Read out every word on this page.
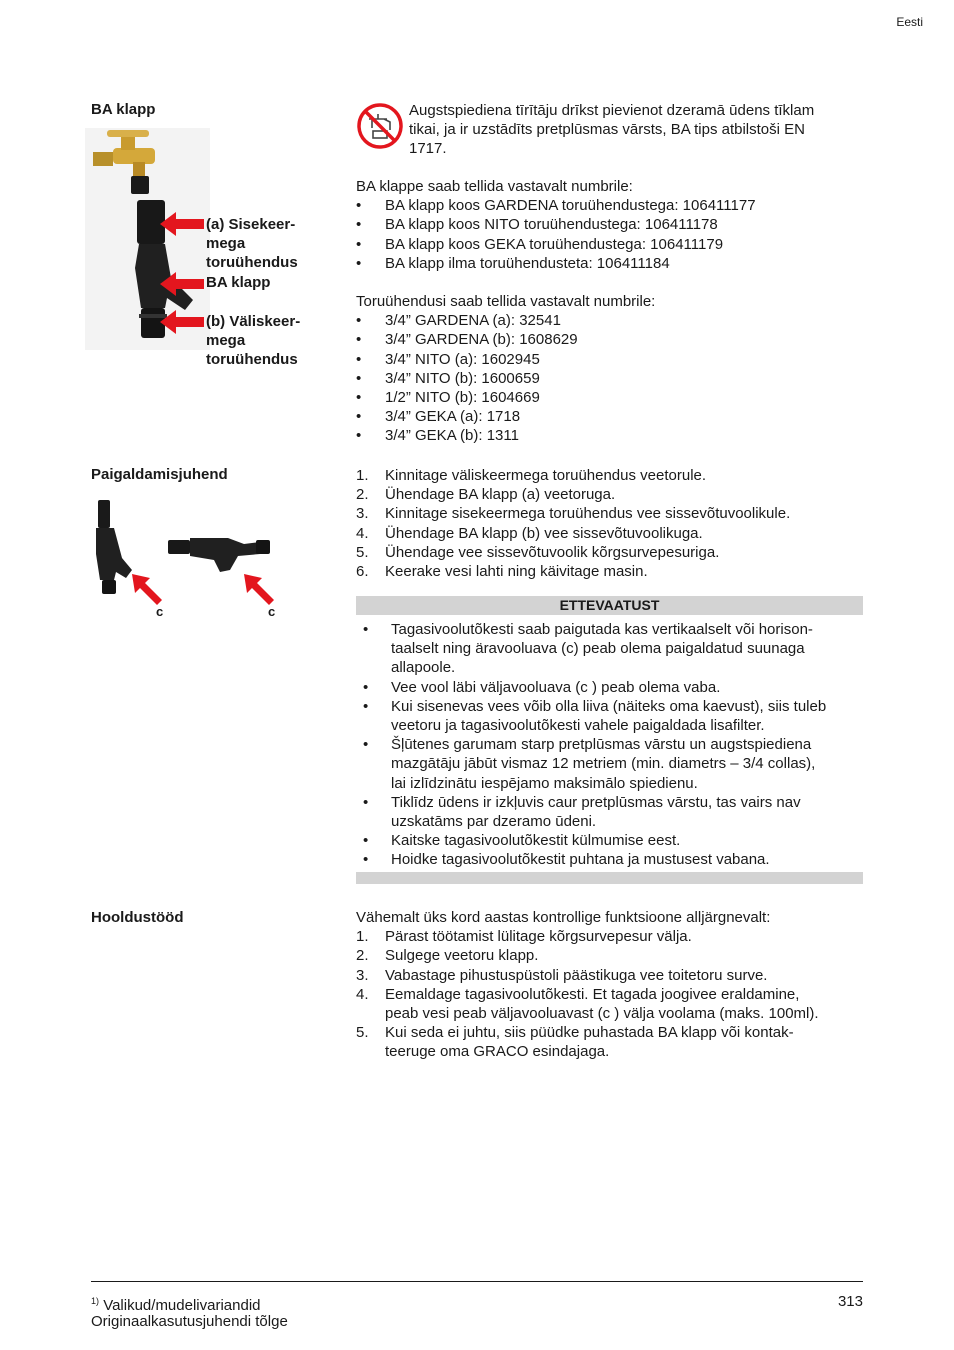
Eesti
BA klapp
(a) Sisekeer-
mega
toruühendus
BA klapp
(b) Väliskeer-
mega
toruühendus
Augstspiediena tīrītāju drīkst pievienot dzeramā ūdens tīklam
tikai, ja ir uzstādīts pretplūsmas vārsts, BA tips atbilstoši EN
1717.
BA klappe saab tellida vastavalt numbrile:
• BA klapp koos GARDENA toruühendustega: 106411177
• BA klapp koos NITO toruühendustega: 106411178
• BA klapp koos GEKA toruühendustega: 106411179
• BA klapp ilma toruühendusteta: 106411184
Toruühendusi saab tellida vastavalt numbrile:
• 3/4” GARDENA (a): 32541
• 3/4” GARDENA (b): 1608629
• 3/4” NITO (a): 1602945
• 3/4” NITO (b): 1600659
• 1/2” NITO (b): 1604669
• 3/4” GEKA (a): 1718
• 3/4” GEKA (b): 1311
Paigaldamisjuhend
c	c
1. Kinnitage väliskeermega toruühendus veetorule.
2. Ühendage BA klapp (a) veetoruga.
3. Kinnitage sisekeermega toruühendus vee sissevõtuvoolikule.
4. Ühendage BA klapp (b) vee sissevõtuvoolikuga.
5. Ühendage vee sissevõtuvoolik kõrgsurvepesuriga.
6. Keerake vesi lahti ning käivitage masin.
ETTEVAATUST
• Tagasivoolutõkesti saab paigutada kas vertikaalselt või horison-
taalselt ning äravooluava (c) peab olema paigaldatud suunaga
allapoole.
• Vee vool läbi väljavooluava (c ) peab olema vaba.
• Kui sisenevas vees võib olla liiva (näiteks oma kaevust), siis tuleb
veetoru ja tagasivoolutõkesti vahele paigaldada lisafilter.
• Šļūtenes garumam starp pretplūsmas vārstu un augstspiediena
mazgātāju jābūt vismaz 12 metriem (min. diametrs – 3/4 collas),
lai izlīdzinātu iespējamo maksimālo spiedienu.
• Tiklīdz ūdens ir izkļuvis caur pretplūsmas vārstu, tas vairs nav
uzskatāms par dzeramo ūdeni.
• Kaitske tagasivoolutõkestit külmumise eest.
• Hoidke tagasivoolutõkestit puhtana ja mustusest vabana.
Hooldustööd	Vähemalt üks kord aastas kontrollige funktsioone alljärgnevalt:
1. Pärast töötamist lülitage kõrgsurvepesur välja.
2. Sulgege veetoru klapp.
3. Vabastage pihustuspüstoli päästikuga vee toitetoru surve.
4. Eemaldage tagasivoolutõkesti. Et tagada joogivee eraldamine,
peab vesi peab väljavooluavast (c ) välja voolama (maks. 100ml).
5. Kui seda ei juhtu, siis püüdke puhastada BA klapp või kontak-
teeruge oma GRACO esindajaga.
$^{1)}$ Valikud/mudelivariandid
Originaalkasutusjuhendi tõlge
313
